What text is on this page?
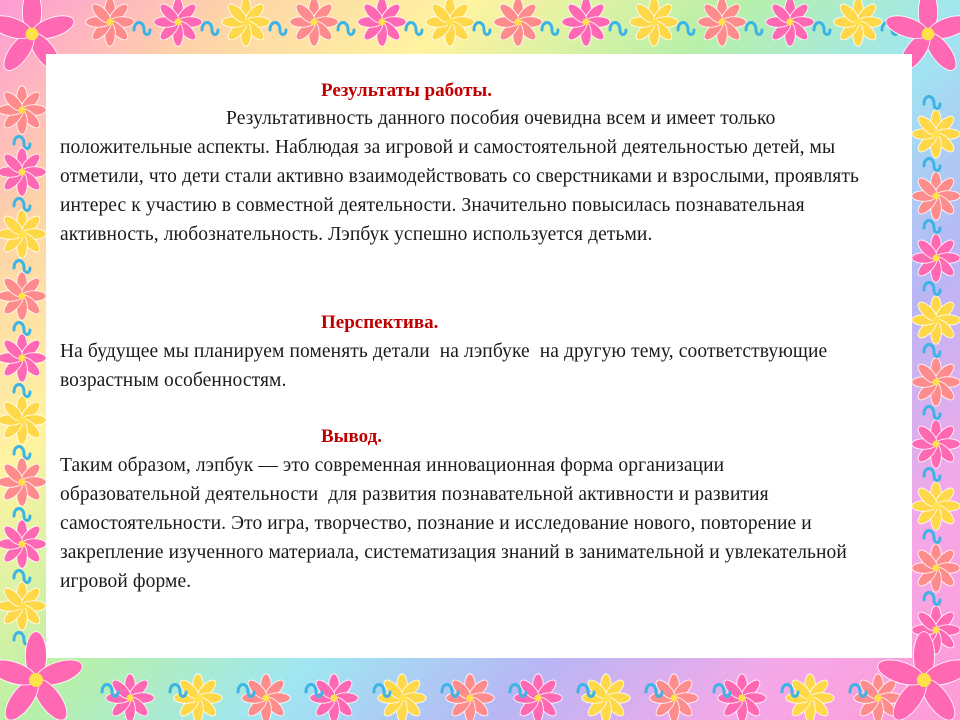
Результаты работы.

Результативность данного пособия очевидна всем и имеет только положительные аспекты. Наблюдая за игровой и самостоятельной деятельностью детей, мы отметили, что дети стали активно взаимодействовать со сверстниками и взрослыми, проявлять интерес к участию в совместной деятельности. Значительно повысилась познавательная активность, любознательность. Лэпбук успешно используется детьми.

Перспектива.

На будущее мы планируем поменять детали  на лэпбуке  на другую тему, соответствующие возрастным особенностям.

Вывод.

Таким образом, лэпбук — это современная инновационная форма организации  образовательной деятельности  для развития познавательной активности и развития самостоятельности. Это игра, творчество, познание и исследование нового, повторение и закрепление изученного материала, систематизация знаний в занимательной и увлекательной игровой форме.
